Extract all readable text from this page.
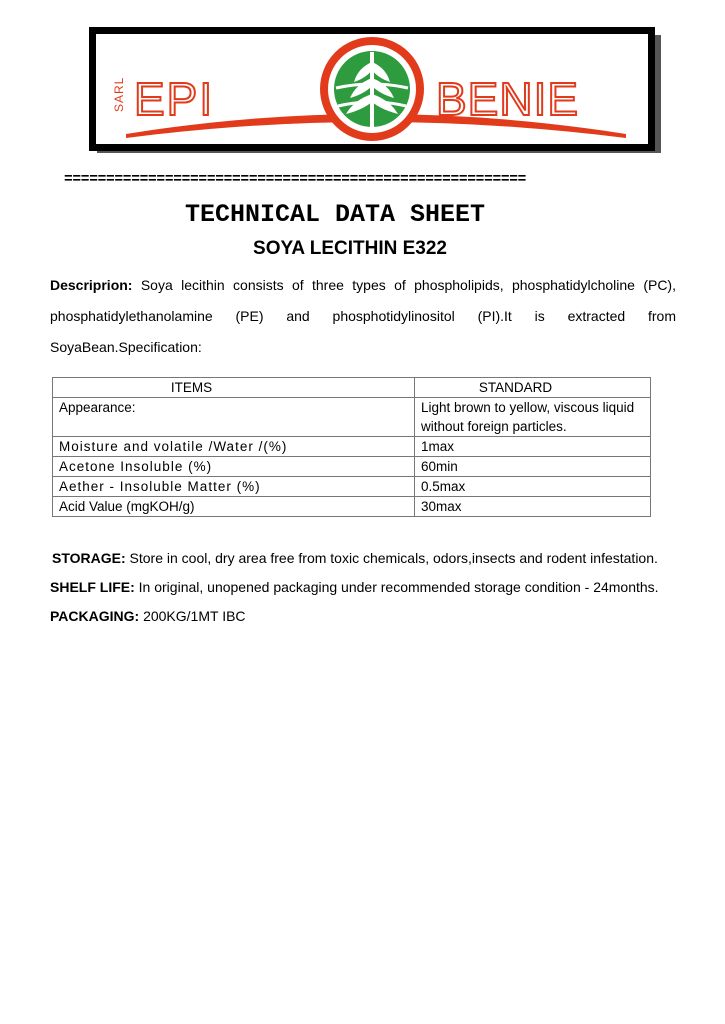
EPI	BENIE
SARL
=======================================================
TECHNICAL DATA SHEET
SOYA LECITHIN E322
Descriprion: Soya lecithin consists of three types of phospholipids, phosphatidylcholine (PC), phosphatidylethanolamine (PE) and phosphotidylinositol (PI).It is extracted from SoyaBean.Specification:
ITEMS	STANDARD
Appearance:	Light brown to yellow, viscous liquid without foreign particles.
Moisture and volatile /Water /(%)	1max
Acetone Insoluble (%)	60min
Aether - Insoluble Matter (%)	0.5max
Acid Value (mgKOH/g)	30max
STORAGE: Store in cool, dry area free from toxic chemicals, odors,insects and rodent infestation.
SHELF LIFE: In original, unopened packaging under recommended storage condition - 24months.
PACKAGING: 200KG/1MT IBC
